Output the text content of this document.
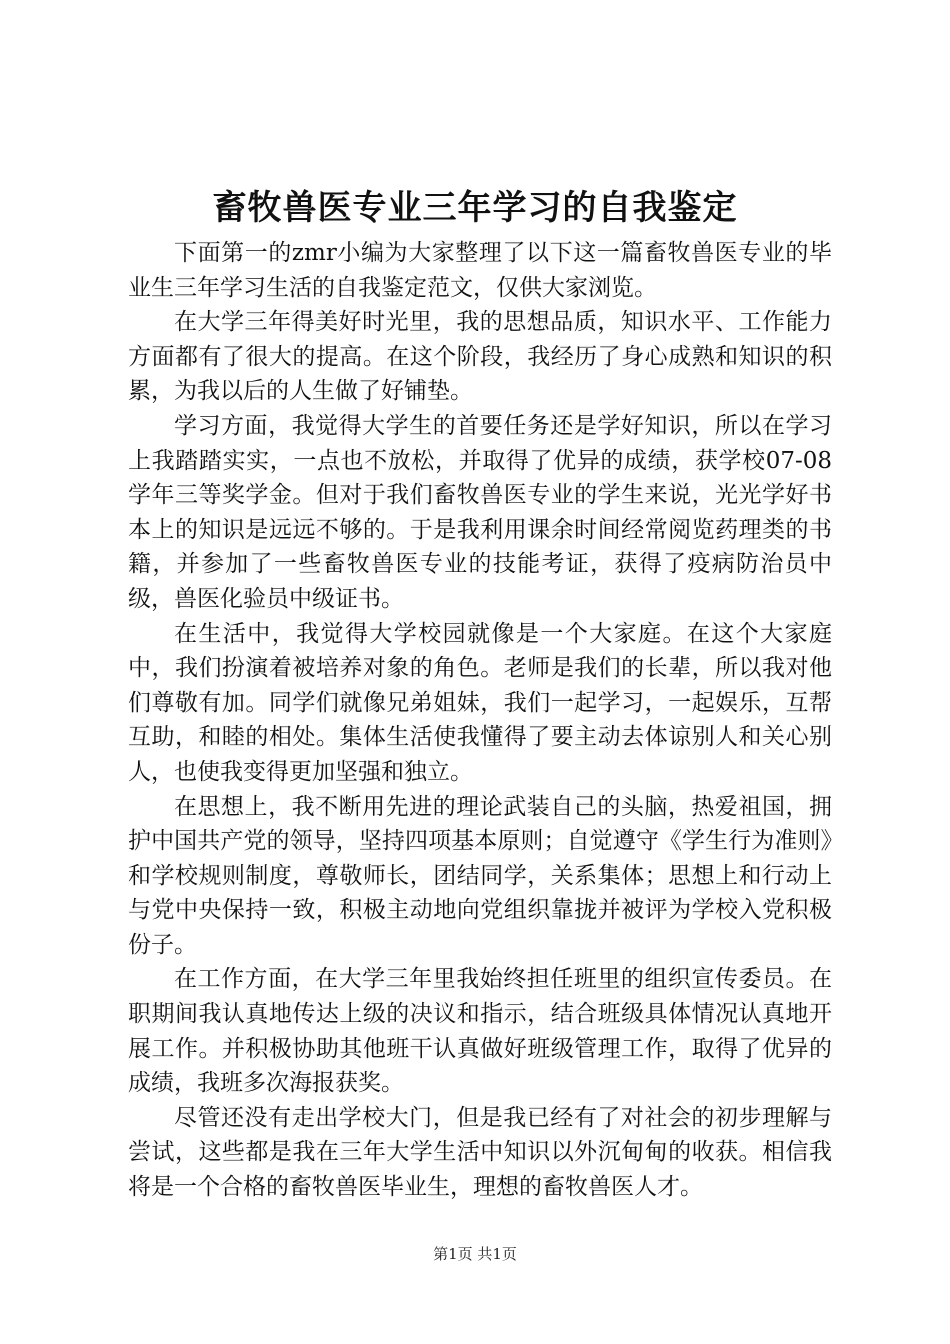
畜牧兽医专业三年学习的自我鉴定

下面第一的zmr小编为大家整理了以下这一篇畜牧兽医专业的毕业生三年学习生活的自我鉴定范文，仅供大家浏览。

在大学三年得美好时光里，我的思想品质，知识水平、工作能力方面都有了很大的提高。在这个阶段，我经历了身心成熟和知识的积累，为我以后的人生做了好铺垫。

学习方面，我觉得大学生的首要任务还是学好知识，所以在学习上我踏踏实实，一点也不放松，并取得了优异的成绩，获学校07-08学年三等奖学金。但对于我们畜牧兽医专业的学生来说，光光学好书本上的知识是远远不够的。于是我利用课余时间经常阅览药理类的书籍，并参加了一些畜牧兽医专业的技能考证，获得了疫病防治员中级，兽医化验员中级证书。

在生活中，我觉得大学校园就像是一个大家庭。在这个大家庭中，我们扮演着被培养对象的角色。老师是我们的长辈，所以我对他们尊敬有加。同学们就像兄弟姐妹，我们一起学习，一起娱乐，互帮互助，和睦的相处。集体生活使我懂得了要主动去体谅别人和关心别人，也使我变得更加坚强和独立。

在思想上，我不断用先进的理论武装自己的头脑，热爱祖国，拥护中国共产党的领导，坚持四项基本原则；自觉遵守《学生行为准则》和学校规则制度，尊敬师长，团结同学，关系集体；思想上和行动上与党中央保持一致，积极主动地向党组织靠拢并被评为学校入党积极份子。

在工作方面，在大学三年里我始终担任班里的组织宣传委员。在职期间我认真地传达上级的决议和指示，结合班级具体情况认真地开展工作。并积极协助其他班干认真做好班级管理工作，取得了优异的成绩，我班多次海报获奖。

尽管还没有走出学校大门，但是我已经有了对社会的初步理解与尝试，这些都是我在三年大学生活中知识以外沉甸甸的收获。相信我将是一个合格的畜牧兽医毕业生，理想的畜牧兽医人才。

第1页 共1页
